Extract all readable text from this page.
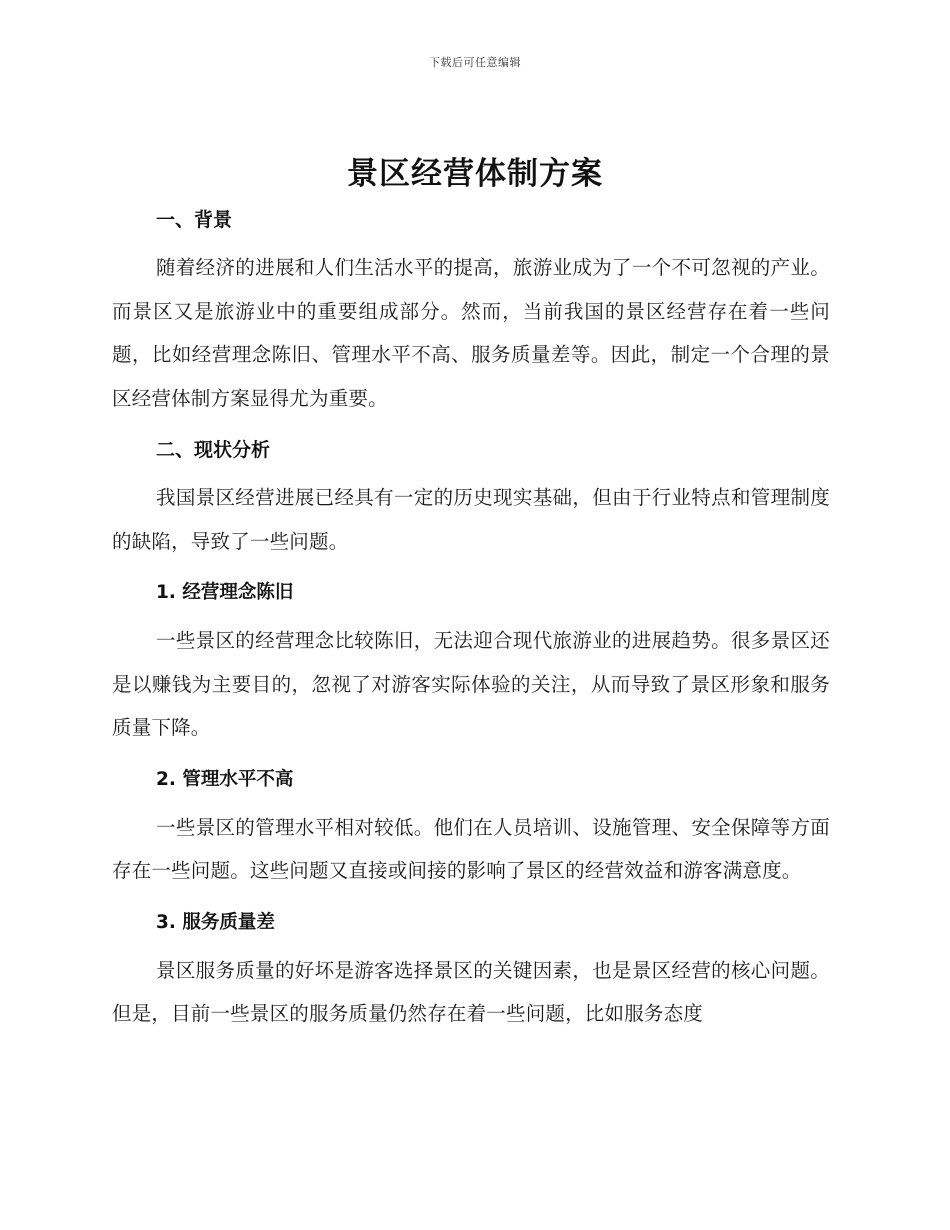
下载后可任意编辑
景区经营体制方案
一、背景

随着经济的进展和人们生活水平的提高，旅游业成为了一个不可忽视的产业。而景区又是旅游业中的重要组成部分。然而，当前我国的景区经营存在着一些问题，比如经营理念陈旧、管理水平不高、服务质量差等。因此，制定一个合理的景区经营体制方案显得尤为重要。

二、现状分析

我国景区经营进展已经具有一定的历史现实基础，但由于行业特点和管理制度的缺陷，导致了一些问题。

1. 经营理念陈旧

一些景区的经营理念比较陈旧，无法迎合现代旅游业的进展趋势。很多景区还是以赚钱为主要目的，忽视了对游客实际体验的关注，从而导致了景区形象和服务质量下降。

2. 管理水平不高

一些景区的管理水平相对较低。他们在人员培训、设施管理、安全保障等方面存在一些问题。这些问题又直接或间接的影响了景区的经营效益和游客满意度。

3. 服务质量差

景区服务质量的好坏是游客选择景区的关键因素，也是景区经营的核心问题。但是，目前一些景区的服务质量仍然存在着一些问题，比如服务态度
